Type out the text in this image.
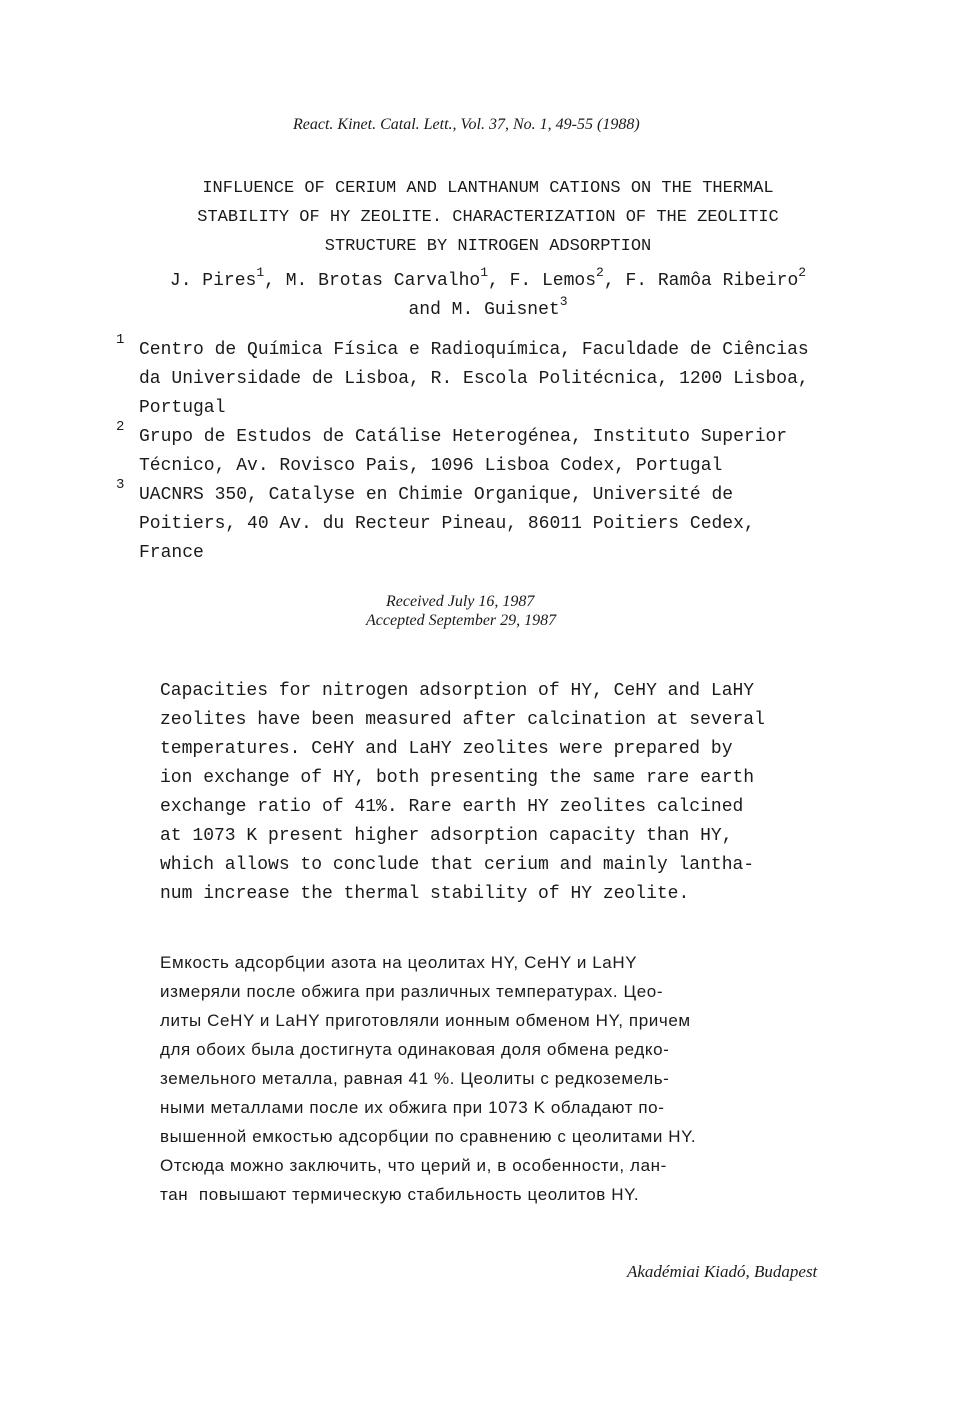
React. Kinet. Catal. Lett., Vol. 37, No. 1, 49-55 (1988)
INFLUENCE OF CERIUM AND LANTHANUM CATIONS ON THE THERMAL
STABILITY OF HY ZEOLITE. CHARACTERIZATION OF THE ZEOLITIC
STRUCTURE BY NITROGEN ADSORPTION
J. Pires$^1$, M. Brotas Carvalho$^1$, F. Lemos$^2$, F. Ramôa Ribeiro$^2$
and M. Guisnet$^3$
1 Centro de Química Física e Radioquímica, Faculdade de Ciências
da Universidade de Lisboa, R. Escola Politécnica, 1200 Lisboa,
Portugal
2 Grupo de Estudos de Catálise Heterogénea, Instituto Superior
Técnico, Av. Rovisco Pais, 1096 Lisboa Codex, Portugal
3 UACNRS 350, Catalyse en Chimie Organique, Université de
Poitiers, 40 Av. du Recteur Pineau, 86011 Poitiers Cedex,
France
Received July 16, 1987
Accepted September 29, 1987
Capacities for nitrogen adsorption of HY, CeHY and LaHY
zeolites have been measured after calcination at several
temperatures. CeHY and LaHY zeolites were prepared by
ion exchange of HY, both presenting the same rare earth
exchange ratio of 41%. Rare earth HY zeolites calcined
at 1073 K present higher adsorption capacity than HY,
which allows to conclude that cerium and mainly lantha-
num increase the thermal stability of HY zeolite.
Емкость адсорбции азота на цеолитах HY, CeHY и LaHY
измеряли после обжига при различных температурах. Цео-
литы CeHY и LaHY приготовляли ионным обменом HY, причем
для обоих была достигнута одинаковая доля обмена редко-
земельного металла, равная 41 %. Цеолиты с редкоземель-
ными металлами после их обжига при 1073 K обладают по-
вышенной емкостью адсорбции по сравнению с цеолитами HY.
Отсюда можно заключить, что церий и, в особенности, лан-
тан  повышают термическую стабильность цеолитов HY.
Akadémiai Kiadó, Budapest
